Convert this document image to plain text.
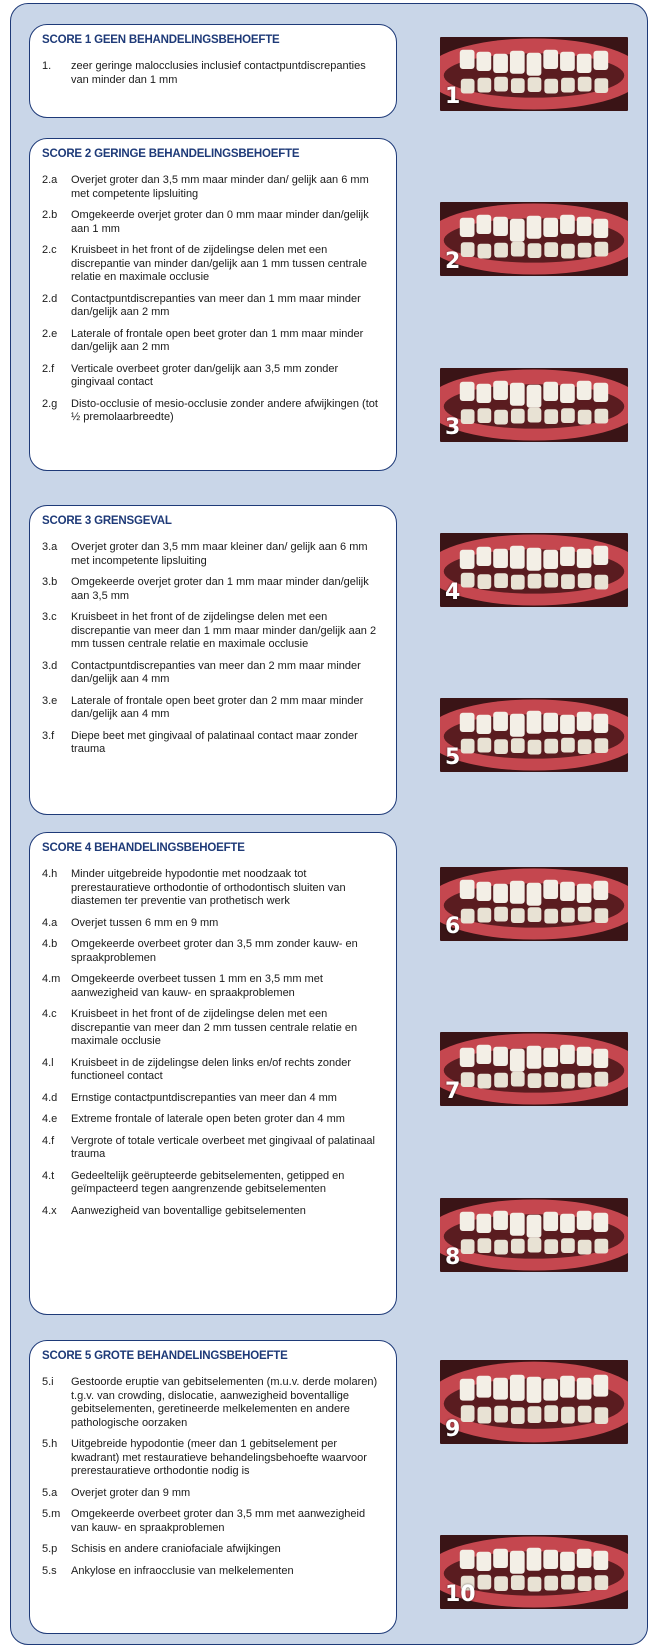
SCORE 1 GEEN BEHANDELINGSBEHOEFTE
1.	zeer geringe malocclusies inclusief contactpuntdiscrepanties van minder dan 1 mm
SCORE 2 GERINGE BEHANDELINGSBEHOEFTE
2.a	Overjet groter dan 3,5 mm maar minder dan/ gelijk aan 6 mm met competente lipsluiting
2.b	Omgekeerde overjet groter dan 0 mm maar minder dan/gelijk aan 1 mm
2.c	Kruisbeet in het front of de zijdelingse delen met een discrepantie van minder dan/gelijk aan 1 mm tussen centrale relatie en maximale occlusie
2.d	Contactpuntdiscrepanties van meer dan 1 mm maar minder dan/gelijk aan 2 mm
2.e	Laterale of frontale open beet groter dan 1 mm maar minder dan/gelijk aan 2 mm
2.f	Verticale overbeet groter dan/gelijk aan 3,5 mm zonder gingivaal contact
2.g	Disto-occlusie of mesio-occlusie zonder andere afwijkingen (tot ½ premolaarbreedte)
SCORE 3 GRENSGEVAL
3.a	Overjet groter dan 3,5 mm maar kleiner dan/ gelijk aan 6 mm met incompetente lipsluiting
3.b	Omgekeerde overjet groter dan 1 mm maar minder dan/gelijk aan 3,5 mm
3.c	Kruisbeet in het front of de zijdelingse delen met een discrepantie van meer dan 1 mm maar minder dan/gelijk aan 2 mm tussen centrale relatie en maximale occlusie
3.d	Contactpuntdiscrepanties van meer dan 2 mm maar minder dan/gelijk aan 4 mm
3.e	Laterale of frontale open beet groter dan 2 mm maar minder dan/gelijk aan 4 mm
3.f	Diepe beet met gingivaal of palatinaal contact maar zonder trauma
SCORE 4 BEHANDELINGSBEHOEFTE
4.h	Minder uitgebreide hypodontie met noodzaak tot prerestauratieve orthodontie of orthodontisch sluiten van diastemen ter preventie van prothetisch werk
4.a	Overjet tussen 6 mm en 9 mm
4.b	Omgekeerde overbeet groter dan 3,5 mm zonder kauw- en spraakproblemen
4.m Omgekeerde overbeet tussen 1 mm en 3,5 mm met aanwezigheid van kauw- en spraakproblemen
4.c	Kruisbeet in het front of de zijdelingse delen met een discrepantie van meer dan 2 mm tussen centrale relatie en maximale occlusie
4.l	Kruisbeet in de zijdelingse delen links en/of rechts zonder functioneel contact
4.d	Ernstige contactpuntdiscrepanties van meer dan 4 mm
4.e	Extreme frontale of laterale open beten groter dan 4 mm
4.f	Vergrote of totale verticale overbeet met gingivaal of palatinaal trauma
4.t	Gedeeltelijk geërupteerde gebitselementen, getipped en geïmpacteerd tegen aangrenzende gebitselementen
4.x	Aanwezigheid van boventallige gebitselementen
SCORE 5 GROTE BEHANDELINGSBEHOEFTE
5.i	Gestoorde eruptie van gebitselementen (m.u.v. derde molaren) t.g.v. van crowding, dislocatie, aanwezigheid boventallige gebitselementen, geretineerde melkelementen en andere pathologische oorzaken
5.h	Uitgebreide hypodontie (meer dan 1 gebitselement per kwadrant) met restauratieve behandelingsbehoefte waarvoor prerestauratieve orthodontie nodig is
5.a	Overjet groter dan 9 mm
5.m Omgekeerde overbeet groter dan 3,5 mm met aanwezigheid van kauw- en spraakproblemen
5.p	Schisis en andere craniofaciale afwijkingen
5.s	Ankylose en infraocclusie van melkelementen
1
2
3
4
5
6
7
8
9
10
